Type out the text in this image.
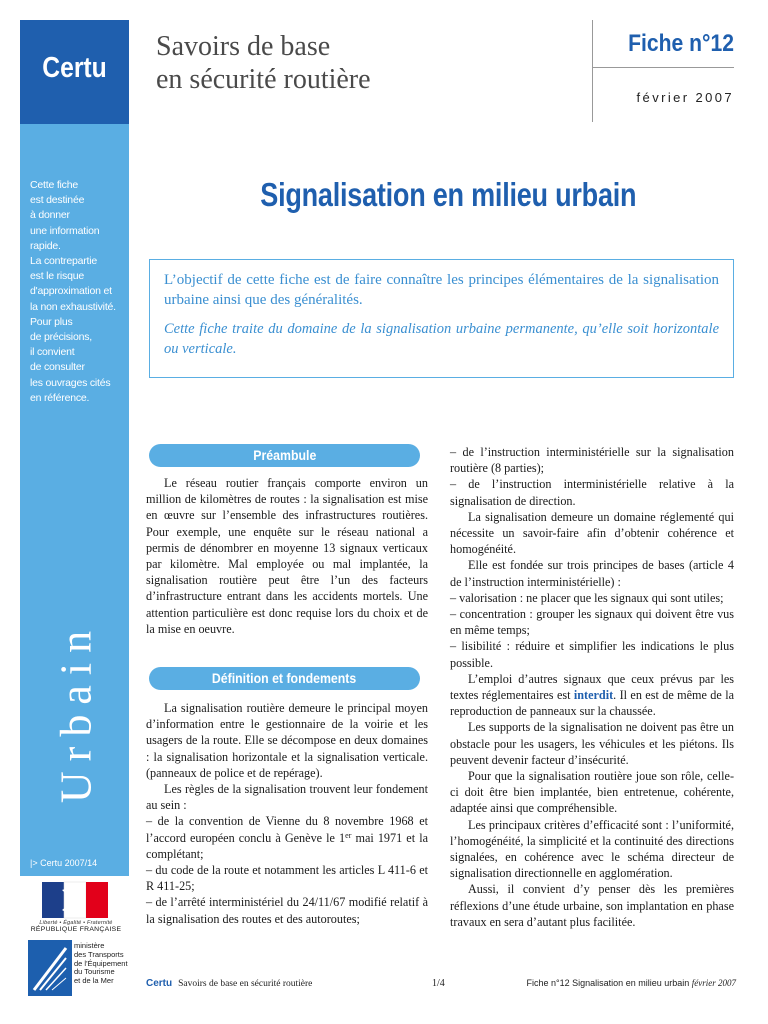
Certu
Cette fiche
est destinée
à donner
une information
rapide.
La contrepartie
est le risque
d'approximation et
la non exhaustivité.
Pour plus
de précisions,
il convient
de consulter
les ouvrages cités
en référence.
Urbain
|> Certu 2007/14
Liberté • Égalité • Fraternité
RÉPUBLIQUE FRANÇAISE
ministère
des Transports
de l'Équipement
du Tourisme
et de la Mer
Savoirs de base
en sécurité routière
Fiche n°12
février 2007
Signalisation en milieu urbain

L’objectif de cette fiche est de faire connaître les principes élémentaires de la signalisation urbaine ainsi que des généralités.

Cette fiche traite du domaine de la signalisation urbaine permanente, qu’elle soit horizontale ou verticale.

Préambule

Le réseau routier français comporte environ un million de kilomètres de routes : la signalisation est mise en œuvre sur l’ensemble des infrastructures routières. Pour exemple, une enquête sur le réseau national a permis de dénombrer en moyenne 13 signaux verticaux par kilomètre. Mal employée ou mal implantée, la signalisation routière peut être l’un des facteurs d’infrastructure entrant dans les accidents mortels. Une attention particulière est donc requise lors du choix et de la mise en oeuvre.

Définition et fondements

La signalisation routière demeure le principal moyen d’information entre le gestionnaire de la voirie et les usagers de la route. Elle se décompose en deux domaines : la signalisation horizontale et la signalisation verticale. (panneaux de police et de repérage).

Les règles de la signalisation trouvent leur fondement au sein :

– de la convention de Vienne du 8 novembre 1968 et l’accord européen conclu à Genève le 1er mai 1971 et la complétant;

– du code de la route et notamment les articles L 411-6 et R 411-25;

– de l’arrêté interministériel du 24/11/67 modifié relatif à la signalisation des routes et des autoroutes;

– de l’instruction interministérielle sur la signalisation routière (8 parties);

– de l’instruction interministérielle relative à la signalisation de direction.

La signalisation demeure un domaine réglementé qui nécessite un savoir-faire afin d’obtenir cohérence et homogénéité.

Elle est fondée sur trois principes de bases (article 4 de l’instruction interministérielle) :

– valorisation : ne placer que les signaux qui sont utiles;

– concentration : grouper les signaux qui doivent être vus en même temps;

– lisibilité : réduire et simplifier les indications le plus possible.

L’emploi d’autres signaux que ceux prévus par les textes réglementaires est interdit. Il en est de même de la reproduction de panneaux sur la chaussée.

Les supports de la signalisation ne doivent pas être un obstacle pour les usagers, les véhicules et les piétons. Ils peuvent devenir facteur d’insécurité.

Pour que la signalisation routière joue son rôle, celle-ci doit être bien implantée, bien entretenue, cohérente, adaptée ainsi que compréhensible.

Les principaux critères d’efficacité sont : l’uniformité, l’homogénéité, la simplicité et la continuité des directions signalées, en cohérence avec le schéma directeur de signalisation directionnelle en agglomération.

Aussi, il convient d’y penser dès les premières réflexions d’une étude urbaine, son implantation en phase travaux en sera d’autant plus facilitée.

Certu Savoirs de base en sécurité routière	1/4	Fiche n°12 Signalisation en milieu urbain février 2007
